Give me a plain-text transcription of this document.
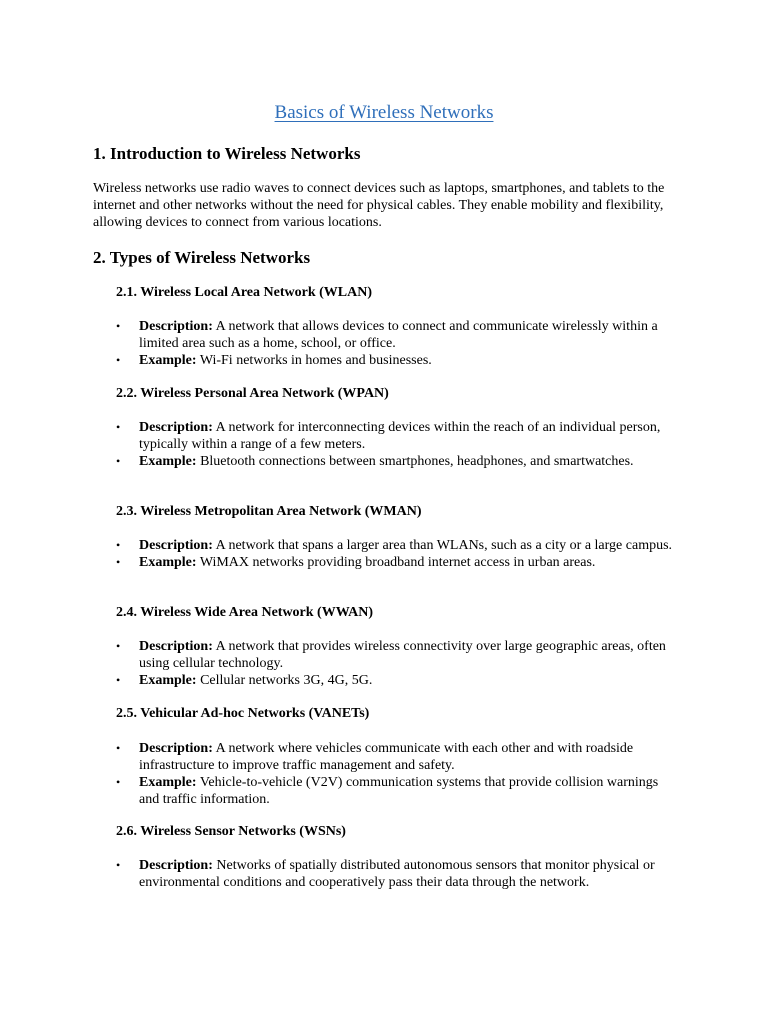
Basics of Wireless Networks
1. Introduction to Wireless Networks

Wireless networks use radio waves to connect devices such as laptops, smartphones, and tablets to the internet and other networks without the need for physical cables. They enable mobility and flexibility, allowing devices to connect from various locations.

2. Types of Wireless Networks
2.1. Wireless Local Area Network (WLAN)
•	Description: A network that allows devices to connect and communicate wirelessly within a limited area such as a home, school, or office.
•	Example: Wi-Fi networks in homes and businesses.
2.2. Wireless Personal Area Network (WPAN)
•	Description: A network for interconnecting devices within the reach of an individual person, typically within a range of a few meters.
•	Example: Bluetooth connections between smartphones, headphones, and smartwatches.
2.3. Wireless Metropolitan Area Network (WMAN)
•	Description: A network that spans a larger area than WLANs, such as a city or a large campus.
•	Example: WiMAX networks providing broadband internet access in urban areas.
2.4. Wireless Wide Area Network (WWAN)
•	Description: A network that provides wireless connectivity over large geographic areas, often using cellular technology.
•	Example: Cellular networks 3G, 4G, 5G.
2.5. Vehicular Ad-hoc Networks (VANETs)
•	Description: A network where vehicles communicate with each other and with roadside infrastructure to improve traffic management and safety.
•	Example: Vehicle-to-vehicle (V2V) communication systems that provide collision warnings and traffic information.
2.6. Wireless Sensor Networks (WSNs)
•	Description: Networks of spatially distributed autonomous sensors that monitor physical or environmental conditions and cooperatively pass their data through the network.
